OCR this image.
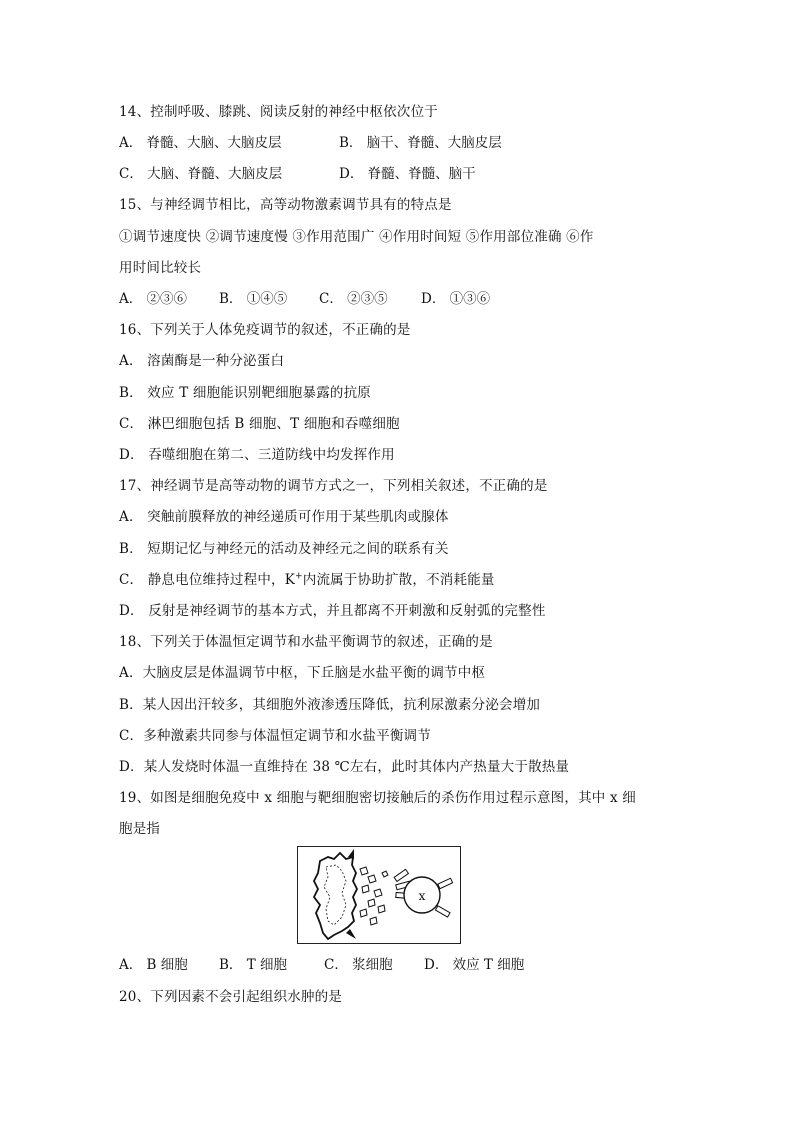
14、控制呼吸、膝跳、阅读反射的神经中枢依次位于
A． 脊髓、大脑、大脑皮层	B． 脑干、脊髓、大脑皮层
C． 大脑、脊髓、大脑皮层	D． 脊髓、脊髓、脑干
15、与神经调节相比，高等动物激素调节具有的特点是
①调节速度快 ②调节速度慢 ③作用范围广 ④作用时间短 ⑤作用部位准确 ⑥作
用时间比较长
A． ②③⑥ B． ①④⑤ C． ②③⑤ D． ①③⑥
16、下列关于人体免疫调节的叙述，不正确的是
A． 溶菌酶是一种分泌蛋白
B． 效应 T 细胞能识别靶细胞暴露的抗原
C． 淋巴细胞包括 B 细胞、T 细胞和吞噬细胞
D． 吞噬细胞在第二、三道防线中均发挥作用
17、神经调节是高等动物的调节方式之一，下列相关叙述，不正确的是
A． 突触前膜释放的神经递质可作用于某些肌肉或腺体
B． 短期记忆与神经元的活动及神经元之间的联系有关
C． 静息电位维持过程中，K+内流属于协助扩散，不消耗能量
D． 反射是神经调节的基本方式，并且都离不开刺激和反射弧的完整性
18、下列关于体温恒定调节和水盐平衡调节的叙述，正确的是
A．大脑皮层是体温调节中枢，下丘脑是水盐平衡的调节中枢
B．某人因出汗较多，其细胞外液渗透压降低，抗利尿激素分泌会增加
C．多种激素共同参与体温恒定调节和水盐平衡调节
D．某人发烧时体温一直维持在 38 ℃左右，此时其体内产热量大于散热量
19、如图是细胞免疫中 x 细胞与靶细胞密切接触后的杀伤作用过程示意图，其中 x 细
胞是指
x
A． B 细胞 B． T 细胞	C． 浆细胞 D． 效应 T 细胞
20、下列因素不会引起组织水肿的是
